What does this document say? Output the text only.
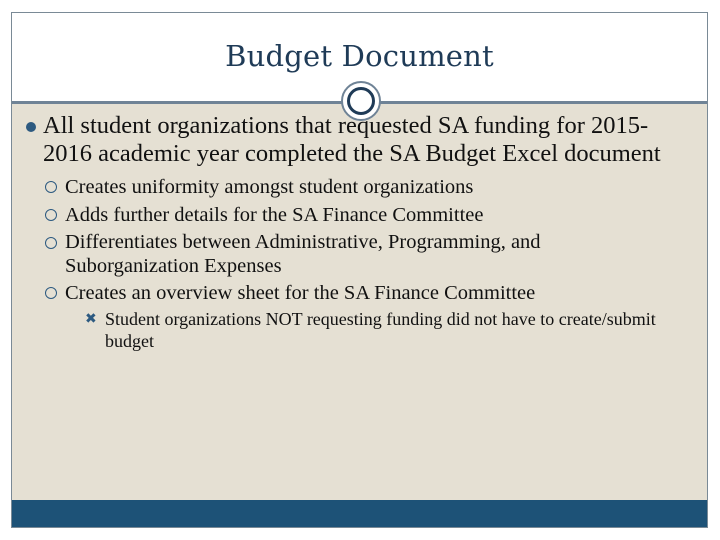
Budget Document
All student organizations that requested SA funding for 2015-2016 academic year completed the SA Budget Excel document
Creates uniformity amongst student organizations
Adds further details for the SA Finance Committee
Differentiates between Administrative, Programming, and Suborganization Expenses
Creates an overview sheet for the SA Finance Committee
✖ Student organizations NOT requesting funding did not have to create/submit budget
